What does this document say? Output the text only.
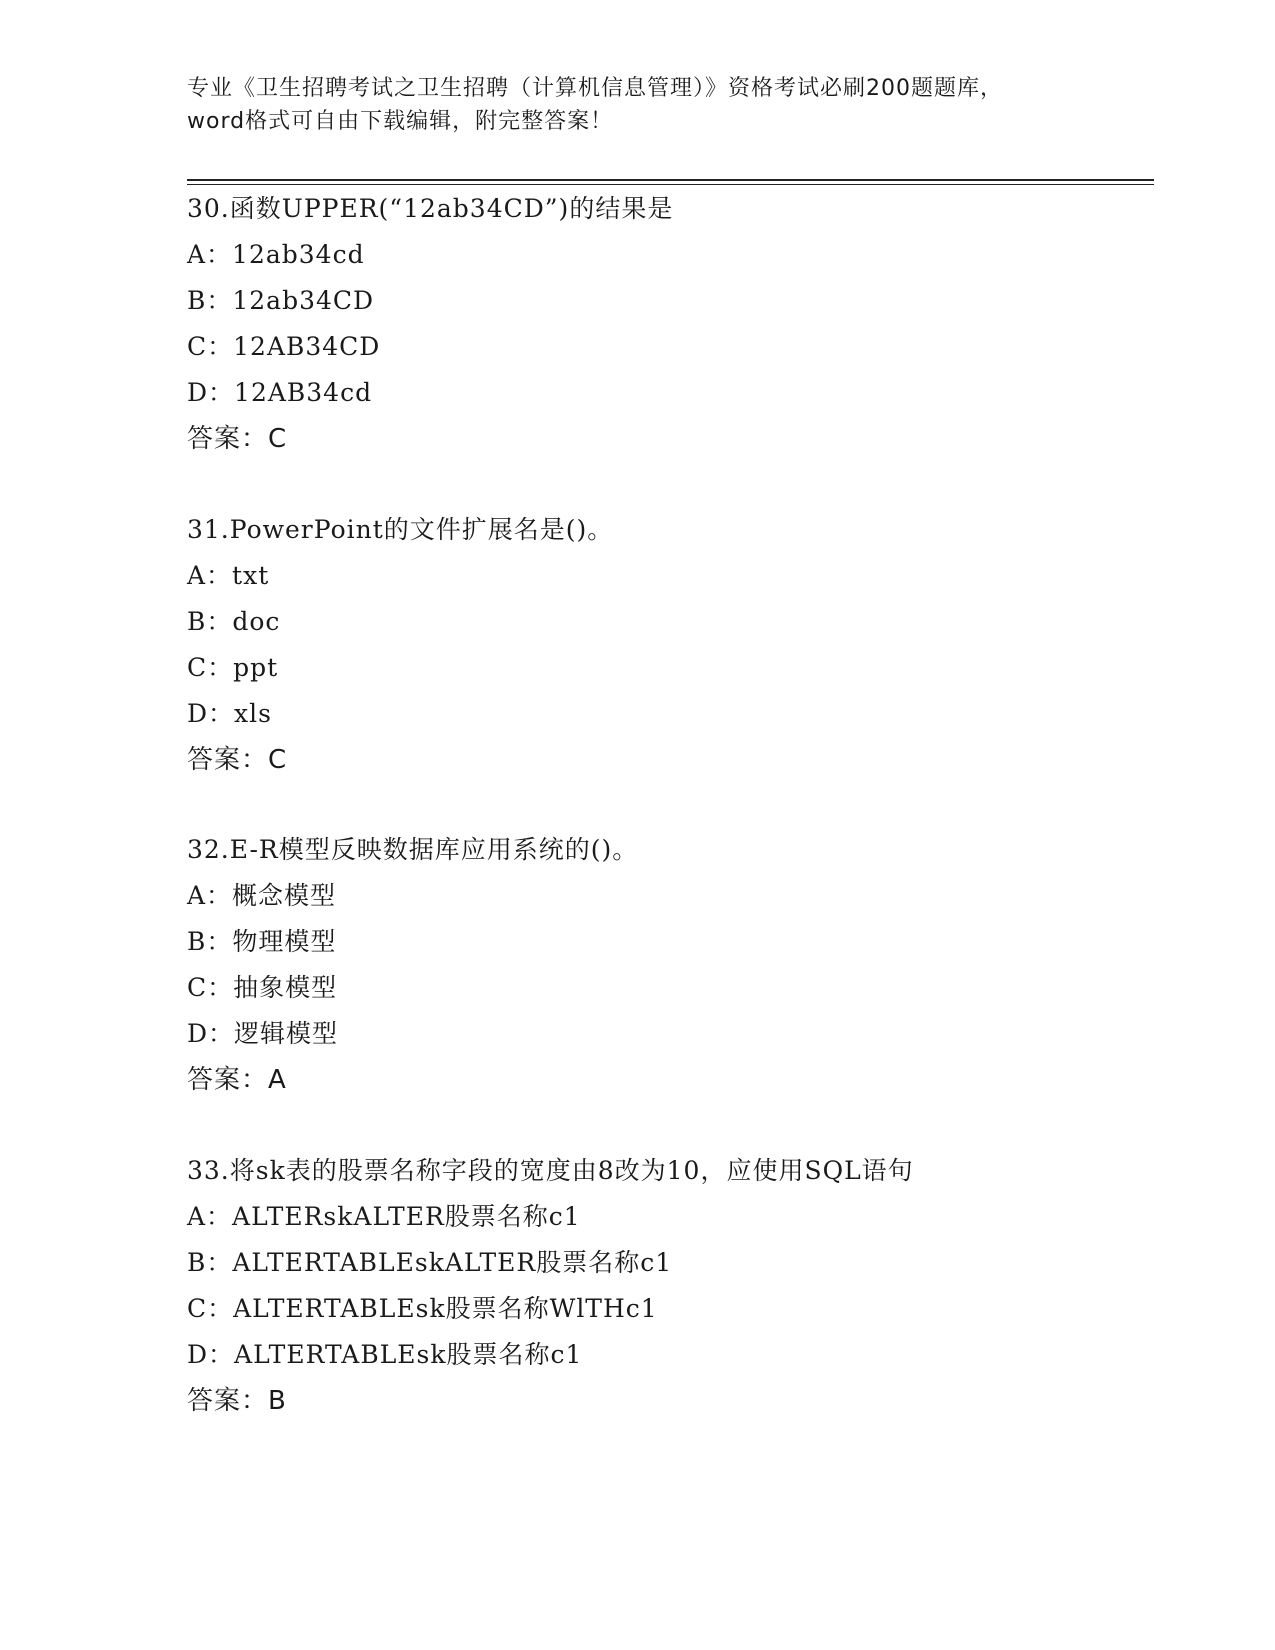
专业《卫生招聘考试之卫生招聘（计算机信息管理）》资格考试必刷200题题库，

word格式可自由下载编辑，附完整答案！

30.函数UPPER(“12ab34CD”)的结果是
A：12ab34cd
B：12ab34CD
C：12AB34CD
D：12AB34cd
答案：C
31.PowerPoint的文件扩展名是()。
A：txt
B：doc
C：ppt
D：xls
答案：C
32.E-R模型反映数据库应用系统的()。
A：概念模型
B：物理模型
C：抽象模型
D：逻辑模型
答案：A
33.将sk表的股票名称字段的宽度由8改为10，应使用SQL语句
A：ALTERskALTER股票名称c1
B：ALTERTABLEskALTER股票名称c1
C：ALTERTABLEsk股票名称WlTHc1
D：ALTERTABLEsk股票名称c1
答案：B
